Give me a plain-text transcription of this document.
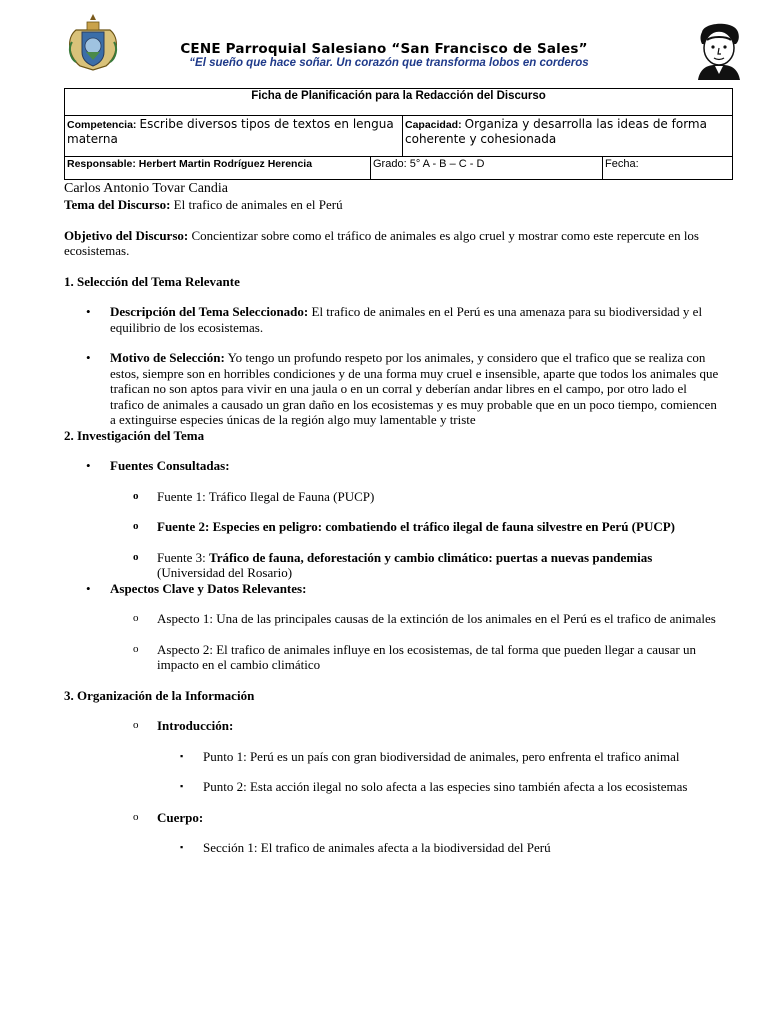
CENE Parroquial Salesiano “San Francisco de Sales”
“El sueño que hace soñar. Un corazón que transforma lobos en corderos
Ficha de Planificación para la Redacción del Discurso			
Competencia: Escribe diversos tipos de textos en lengua materna		Capacidad: Organiza y desarrolla las ideas de forma coherente y cohesionada	
Responsable: Herbert Martin Rodríguez Herencia	Grado: 5° A - B – C - D		Fecha:

Carlos Antonio Tovar Candia

Tema del Discurso: El trafico de animales en el Perú

Objetivo del Discurso: Concientizar sobre como el tráfico de animales es algo cruel y mostrar como este repercute en los ecosistemas.

1. Selección del Tema Relevante

• Descripción del Tema Seleccionado: El trafico de animales en el Perú es una amenaza para su biodiversidad y el equilibrio de los ecosistemas.
• Motivo de Selección: Yo tengo un profundo respeto por los animales, y considero que el trafico que se realiza con estos, siempre son en horribles condiciones y de una forma muy cruel e insensible, aparte que todos los animales que trafican no son aptos para vivir en una jaula o en un corral y deberían andar libres en el campo, por otro lado el trafico de animales a causado un gran daño en los ecosistemas y es muy probable que en un poco tiempo, comiencen a extinguirse especies únicas de la región algo muy lamentable y triste

2. Investigación del Tema

• Fuentes Consultadas:
o Fuente 1: Tráfico Ilegal de Fauna (PUCP)
o Fuente 2: Especies en peligro: combatiendo el tráfico ilegal de fauna silvestre en Perú (PUCP)
o Fuente 3: Tráfico de fauna, deforestación y cambio climático: puertas a nuevas pandemias (Universidad del Rosario)
• Aspectos Clave y Datos Relevantes:
o Aspecto 1: Una de las principales causas de la extinción de los animales en el Perú es el trafico de animales
o Aspecto 2: El trafico de animales influye en los ecosistemas, de tal forma que pueden llegar a causar un impacto en el cambio climático

3. Organización de la Información

o Introducción:
▪ Punto 1: Perú es un país con gran biodiversidad de animales, pero enfrenta el trafico animal
▪ Punto 2: Esta acción ilegal no solo afecta a las especies sino también afecta a los ecosistemas
o Cuerpo:
▪ Sección 1: El trafico de animales afecta a la biodiversidad del Perú
